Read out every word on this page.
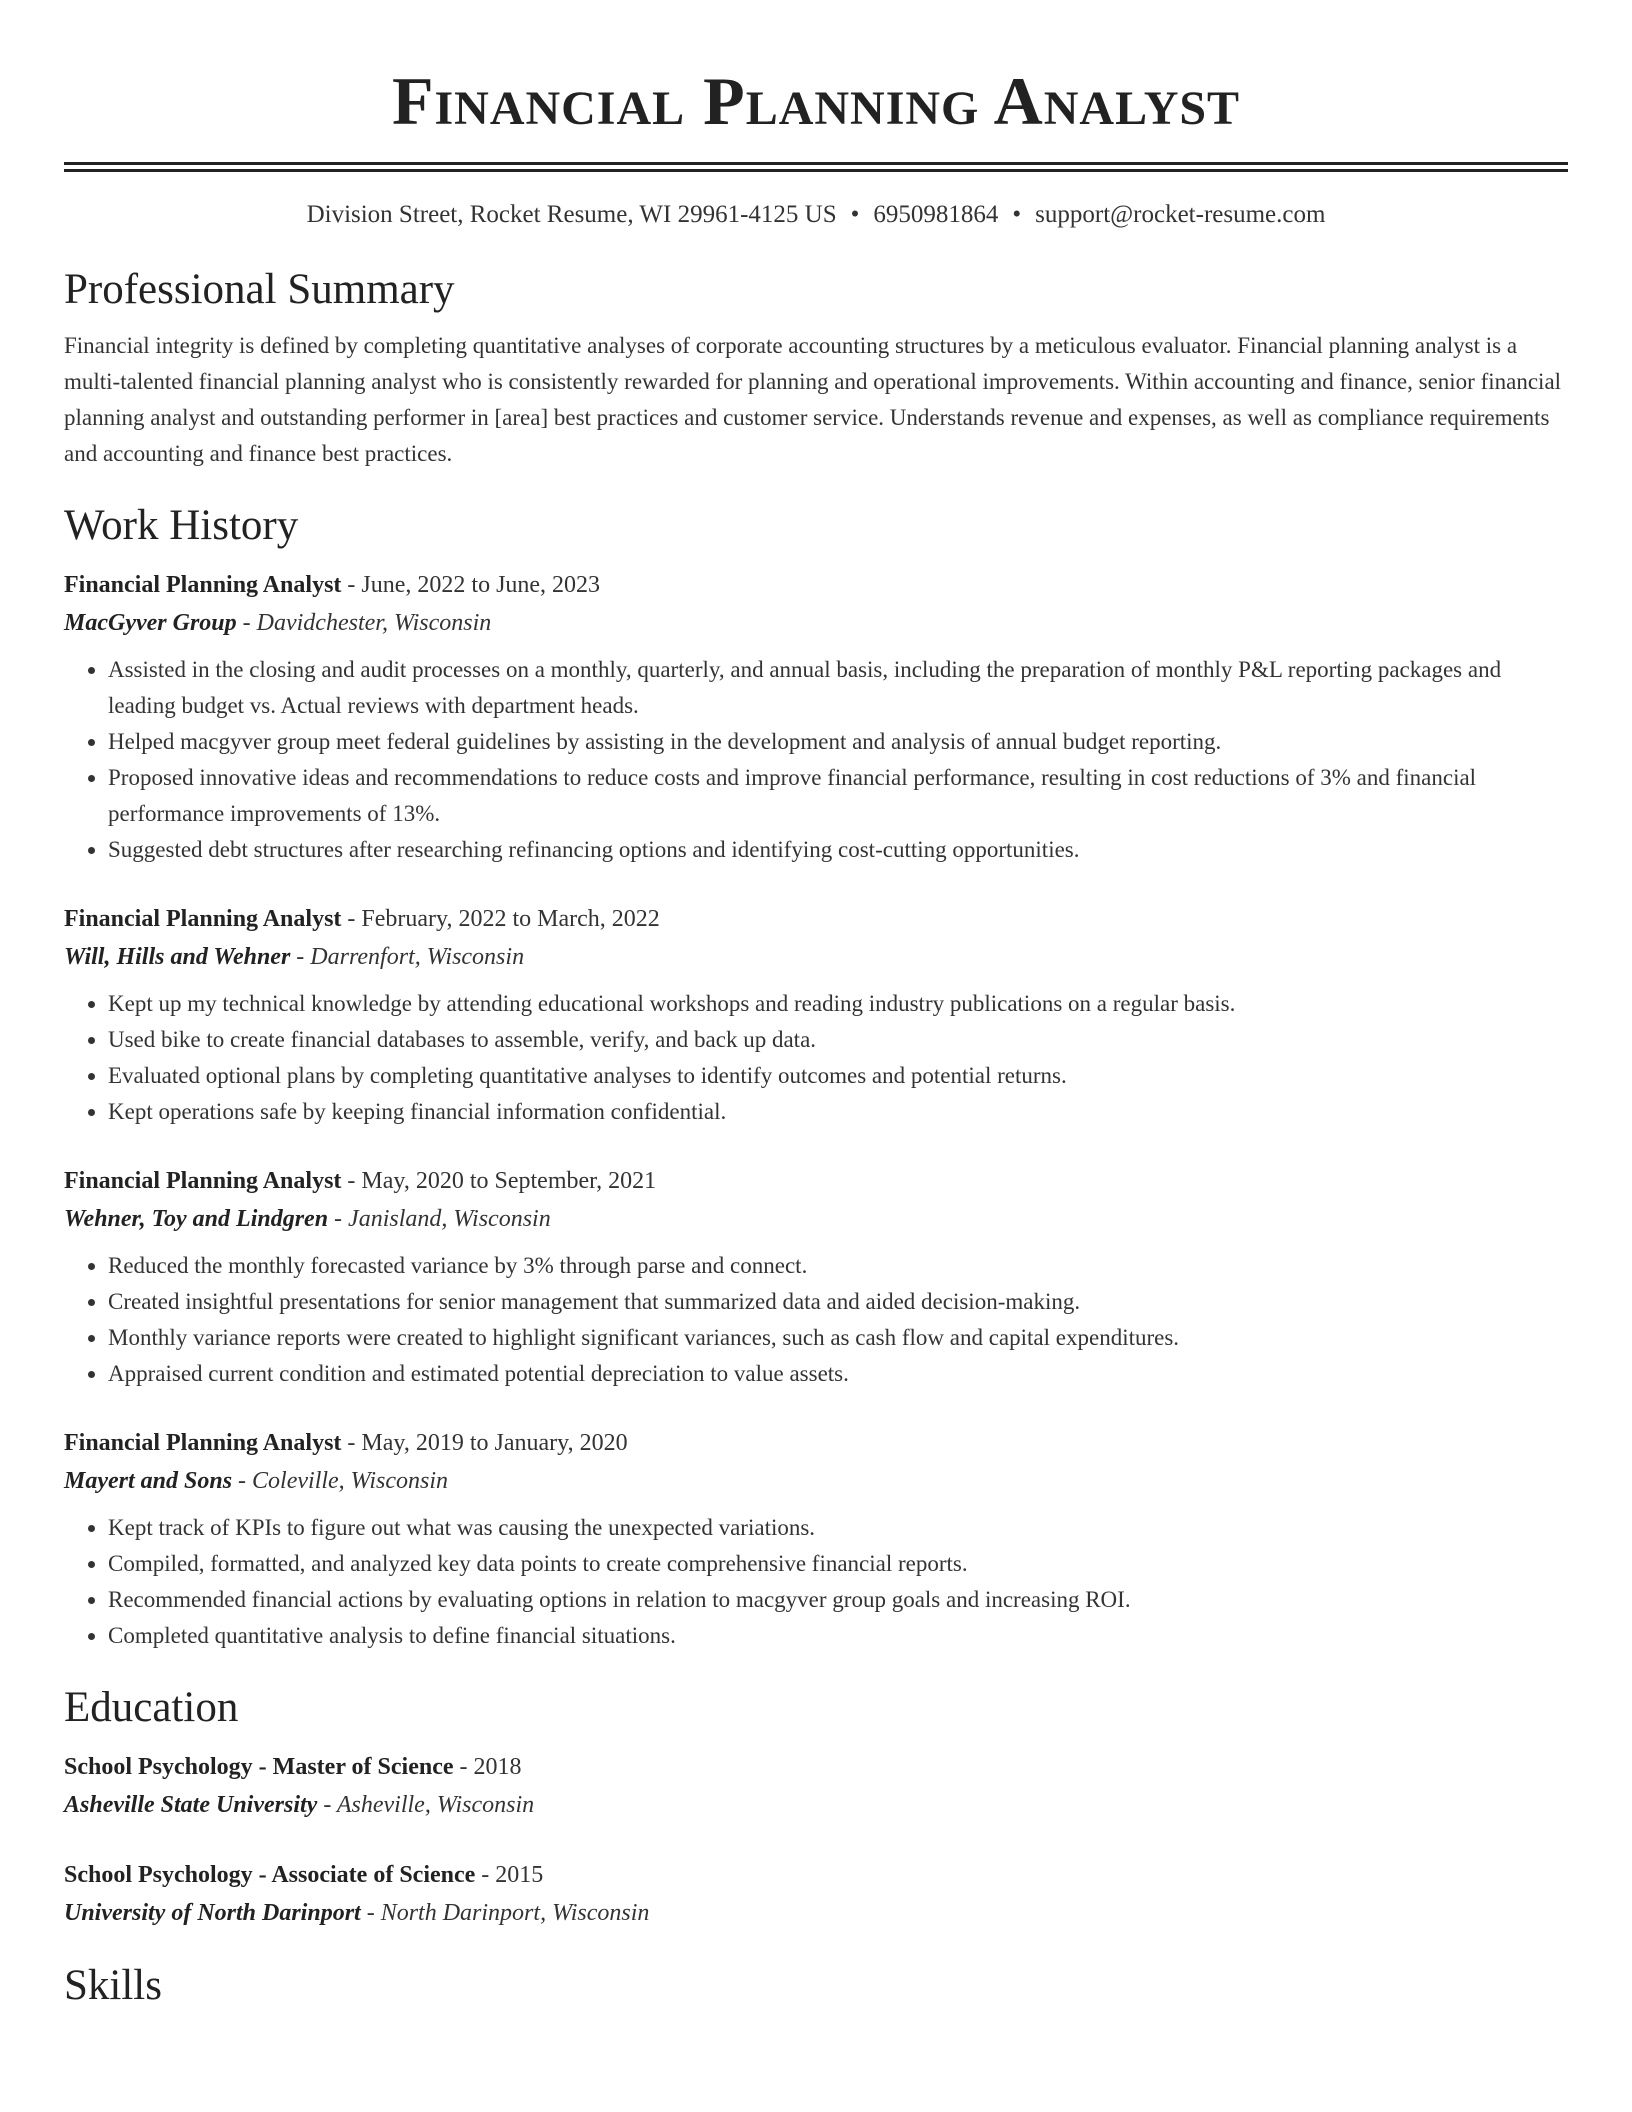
Financial Planning Analyst
Division Street, Rocket Resume, WI 29961-4125 US • 6950981864 • support@rocket-resume.com
Professional Summary
Financial integrity is defined by completing quantitative analyses of corporate accounting structures by a meticulous evaluator. Financial planning analyst is a multi-talented financial planning analyst who is consistently rewarded for planning and operational improvements. Within accounting and finance, senior financial planning analyst and outstanding performer in [area] best practices and customer service. Understands revenue and expenses, as well as compliance requirements and accounting and finance best practices.
Work History
Financial Planning Analyst - June, 2022 to June, 2023
MacGyver Group - Davidchester, Wisconsin
• Assisted in the closing and audit processes on a monthly, quarterly, and annual basis, including the preparation of monthly P&L reporting packages and leading budget vs. Actual reviews with department heads.
• Helped macgyver group meet federal guidelines by assisting in the development and analysis of annual budget reporting.
• Proposed innovative ideas and recommendations to reduce costs and improve financial performance, resulting in cost reductions of 3% and financial performance improvements of 13%.
• Suggested debt structures after researching refinancing options and identifying cost-cutting opportunities.
Financial Planning Analyst - February, 2022 to March, 2022
Will, Hills and Wehner - Darrenfort, Wisconsin
• Kept up my technical knowledge by attending educational workshops and reading industry publications on a regular basis.
• Used bike to create financial databases to assemble, verify, and back up data.
• Evaluated optional plans by completing quantitative analyses to identify outcomes and potential returns.
• Kept operations safe by keeping financial information confidential.
Financial Planning Analyst - May, 2020 to September, 2021
Wehner, Toy and Lindgren - Janisland, Wisconsin
• Reduced the monthly forecasted variance by 3% through parse and connect.
• Created insightful presentations for senior management that summarized data and aided decision-making.
• Monthly variance reports were created to highlight significant variances, such as cash flow and capital expenditures.
• Appraised current condition and estimated potential depreciation to value assets.
Financial Planning Analyst - May, 2019 to January, 2020
Mayert and Sons - Coleville, Wisconsin
• Kept track of KPIs to figure out what was causing the unexpected variations.
• Compiled, formatted, and analyzed key data points to create comprehensive financial reports.
• Recommended financial actions by evaluating options in relation to macgyver group goals and increasing ROI.
• Completed quantitative analysis to define financial situations.
Education
School Psychology - Master of Science - 2018
Asheville State University - Asheville, Wisconsin
School Psychology - Associate of Science - 2015
University of North Darinport - North Darinport, Wisconsin
Skills
